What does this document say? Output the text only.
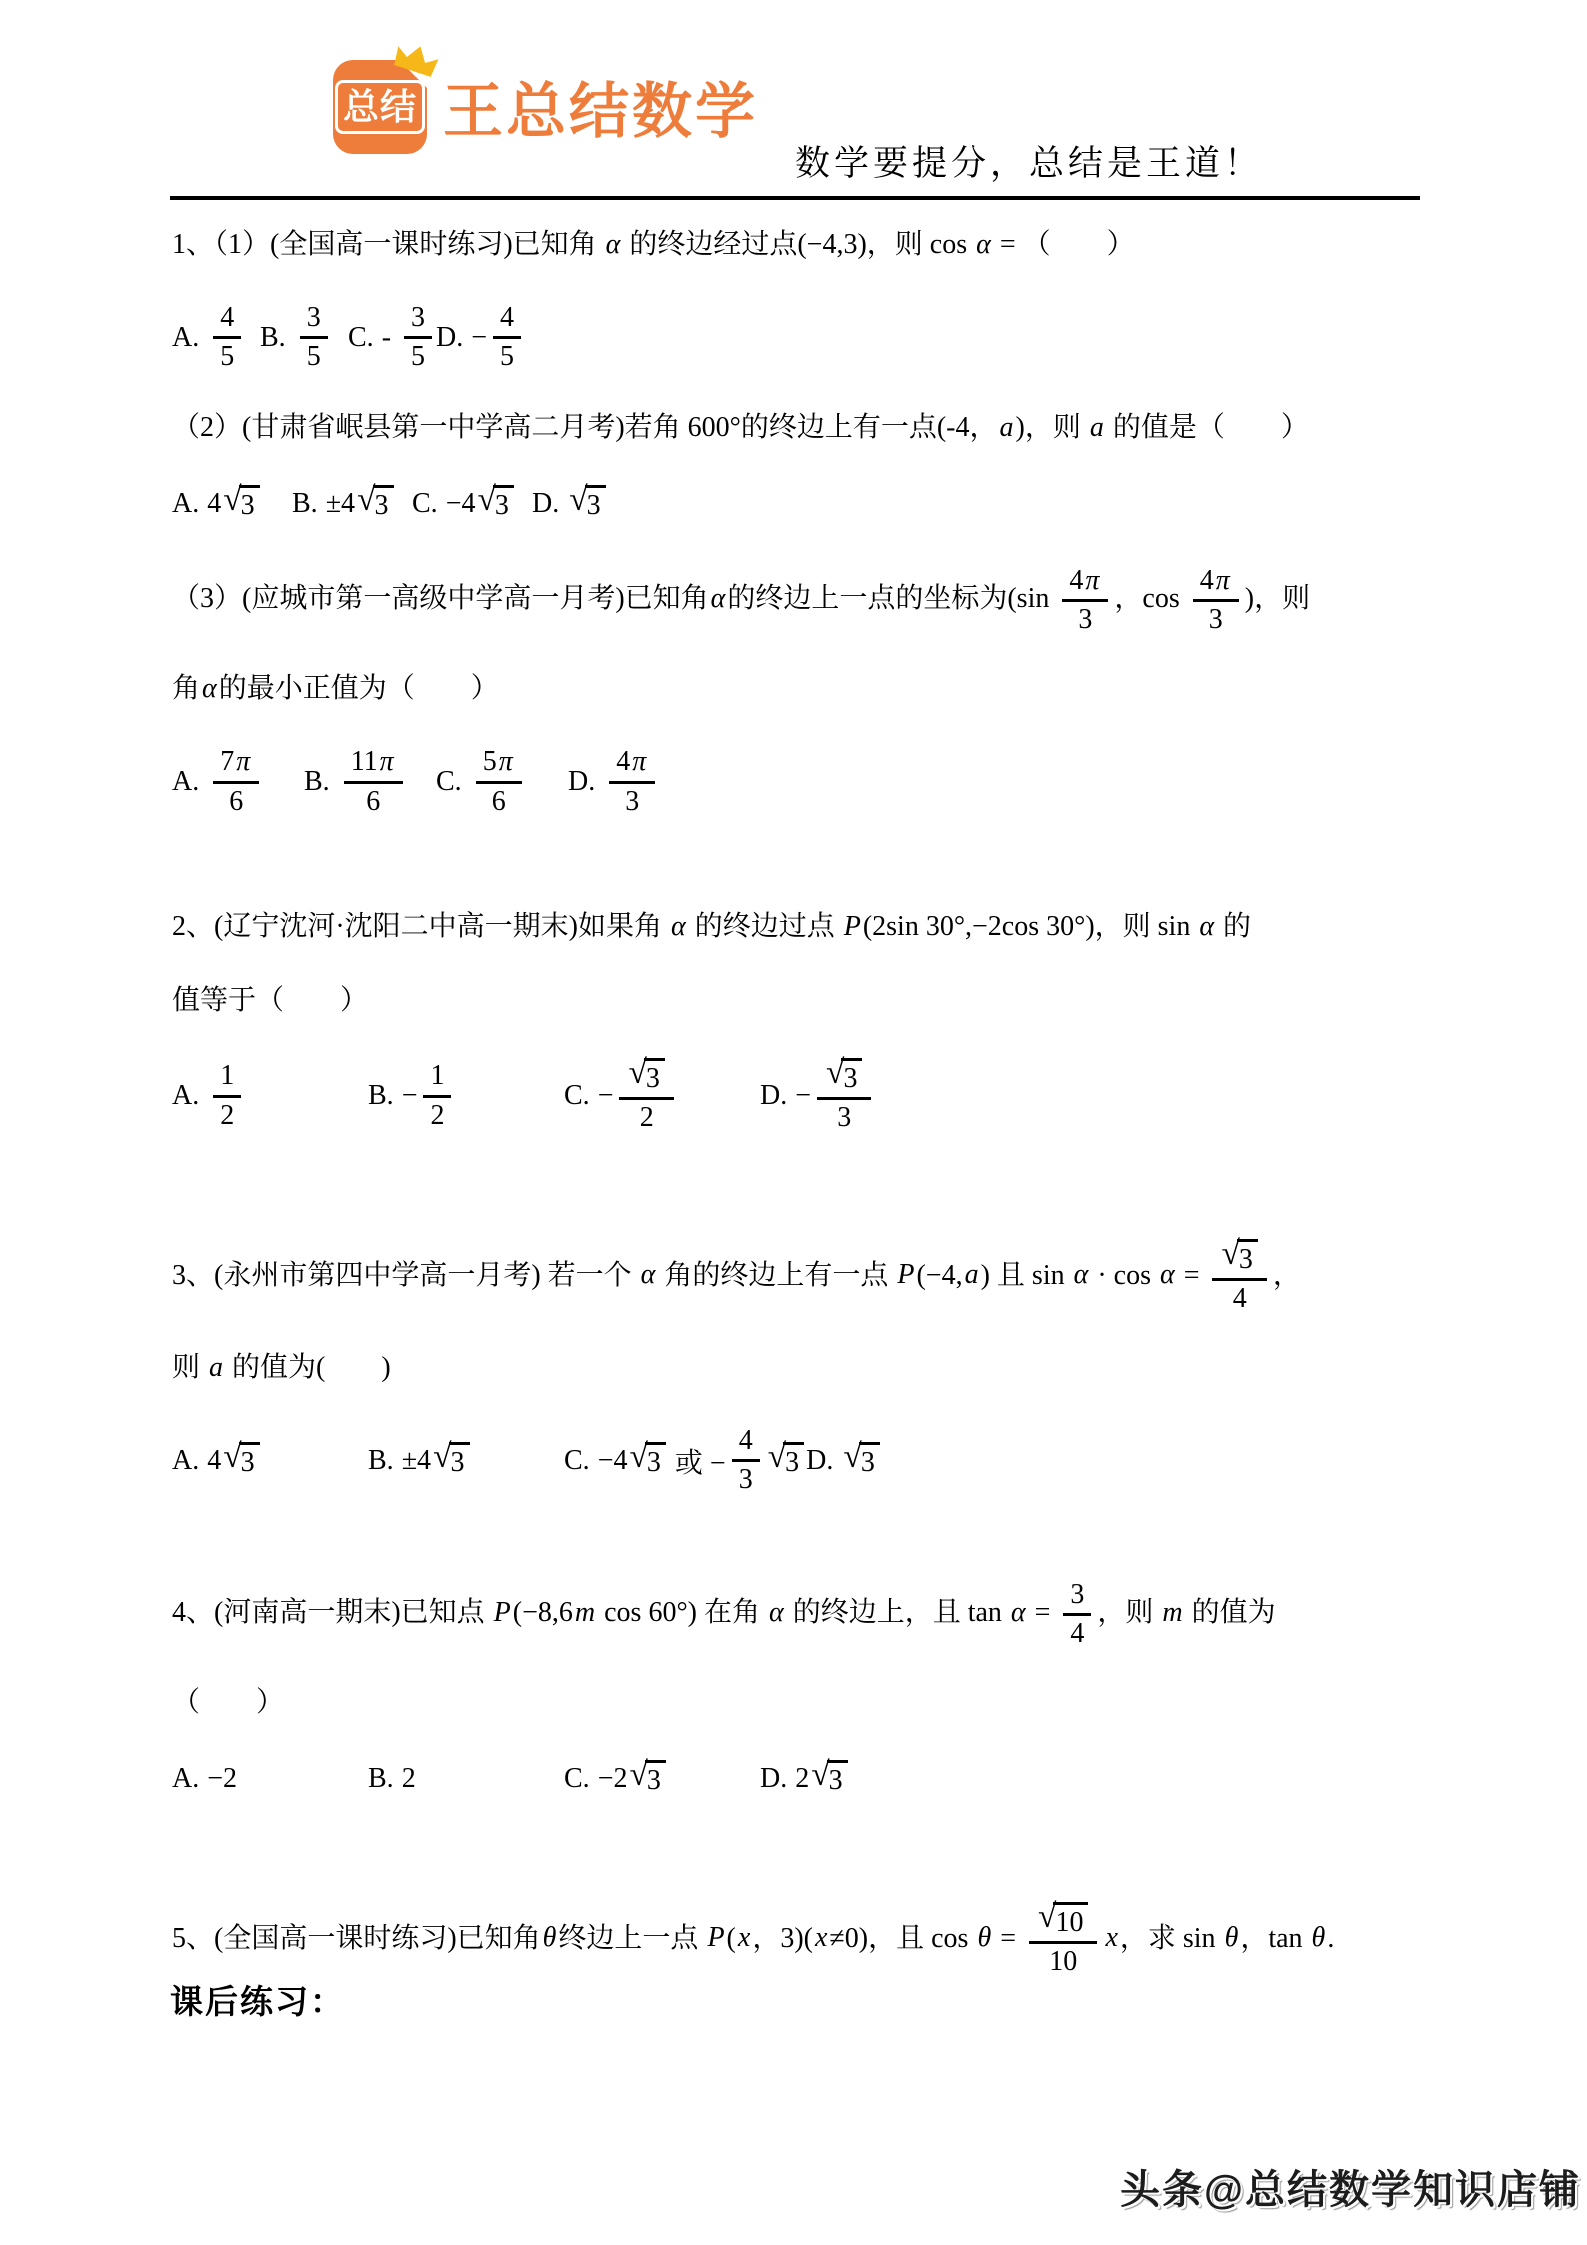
总结 王总结数学
数学要提分，总结是王道！
1、（1）(全国高一课时练习)已知角 α 的终边经过点(−4,3)，则 cos α = （　　）
A. $\frac{4}{5} B$. $\frac{3}{5} C$. - $\frac{3}{5} D$. − $\frac{4}{5}$
（2）(甘肃省岷县第一中学高二月考)若角 600°的终边上有一点(-4，a)，则 a 的值是（　　）
A. 4 √ 3 B. ±4 √ 3 C. −4 √ 3 D. √ 3
（3）(应城市第一高级中学高一月考)已知角α的终边上一点的坐标为($\sin \frac{4\pi}{3}$ ，$\cos \frac{4\pi}{3}$ )，则
角α的最小正值为（　　）
A. $\frac{7\pi}{6} B$. $\frac{11\pi}{6} C$. $\frac{5\pi}{6} D$. $\frac{4\pi}{3}$
2、(辽宁沈河·沈阳二中高一期末)如果角 α 的终边过点 P(2sin 30°,−2cos 30°)，则 sin α 的
值等于（　　）
A. $\frac{1}{2}$	B. − $\frac{1}{2}$	C. − $\frac{√ 3}{2}$	D. − $\frac{√ 3}{3}$
3、(永州市第四中学高一月考) 若一个 α 角的终边上有一点 P(−4,a) 且 $\sin \alpha \cdot \cos \alpha = \frac{√ 3}{4}$ ，
则 a 的值为(　　)
A. 4 √ 3	B. ±4 √ 3	C. −4 √ 3 或 − $\frac{4}{3}$ √ 3 D. √ 3
4、(河南高一期末)已知点 P(−8,6m cos 60°) 在角 α 的终边上，且 $\tan \alpha = \frac{3}{4}$ ，则 m 的值为
（　　）
A. −2	B. 2	C. −2 √ 3	D. 2 √ 3
5、(全国高一课时练习)已知角θ终边上一点 P(x，3)(x≠0)，且 $\cos \theta = \frac{√ 10}{10}$ x，求 sin θ，tan θ.
课后练习：
头条@总结数学知识店铺
